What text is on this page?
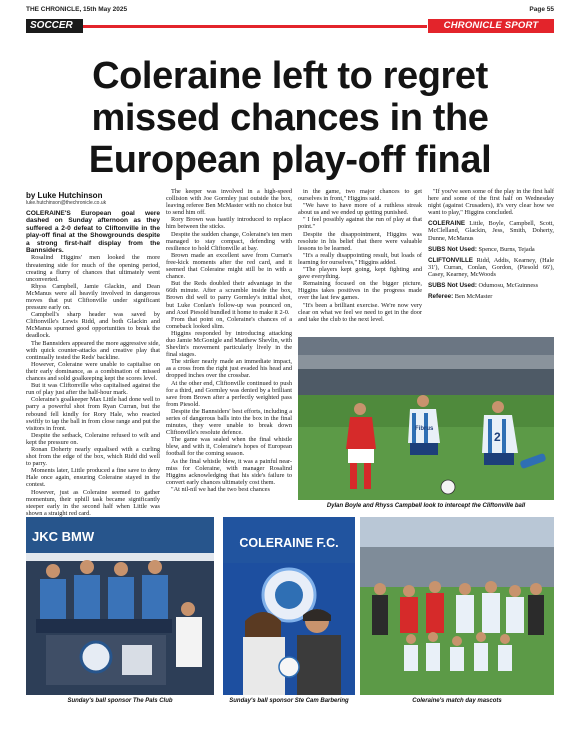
THE CHRONICLE, 15th May 2025	Page 55
SOCCER	CHRONICLE SPORT
Coleraine left to regret missed chances in the European play-off final
by Luke Hutchinson
luke.hutchinson@thechronicle.co.uk

COLERAINE'S European goal were dashed on Sunday afternoon as they suffered a 2-0 defeat to Cliftonville in the play-off final at the Showgrounds despite a strong first-half display from the Bannsiders.

Rosalind Higgins' men looked the more threatening side for much of the opening period, creating a flurry of chances that ultimately went unconverted.

Rhyss Campbell, Jamie Glackin, and Dean McManus were all heavily involved in dangerous moves that put Cliftonville under significant pressure early on.

Campbell's sharp header was saved by Cliftonville's Lewis Ridd, and both Glackin and McManus spurned good opportunities to break the deadlock.

The Bannsiders appeared the more aggressive side, with quick counter-attacks and creative play that continually tested the Reds' backline.

However, Coleraine were unable to capitalise on their early dominance, as a combination of missed chances and solid goalkeeping kept the scores level.

But it was Cliftonville who capitalised against the run of play just after the half-hour mark.

Coleraine's goalkeeper Max Little had done well to parry a powerful shot from Ryan Curran, but the rebound fell kindly for Rory Hale, who reacted swiftly to tap the ball in from close range and put the visitors in front.

Despite the setback, Coleraine refused to wilt and kept the pressure on.

Ronan Doherty nearly equalised with a curling shot from the edge of the box, which Ridd did well to parry.

Moments later, Little produced a fine save to deny Hale once again, ensuring Coleraine stayed in the contest.

However, just as Coleraine seemed to gather momentum, their uphill task became significantly steeper early in the second half when Little was shown a straight red card.

The keeper was involved in a high-speed collision with Joe Gormley just outside the box, leaving referee Ben McMaster with no choice but to send him off.

Rory Brown was hastily introduced to replace him between the sticks.

Despite the sudden change, Coleraine's ten men managed to stay compact, defending with resilience to hold Cliftonville at bay.

Brown made an excellent save from Curran's free-kick moments after the red card, and it seemed that Coleraine might still be in with a chance.

But the Reds doubled their advantage in the 66th minute. After a scramble inside the box, Brown did well to parry Gormley's initial shot, but Luke Conlan's follow-up was pounced on, and Axel Piesold bundled it home to make it 2-0.

From that point on, Coleraine's chances of a comeback looked slim.

Higgins responded by introducing attacking duo Jamie McGonigle and Matthew Shevlin, with Shevlin's movement particularly lively in the final stages.

The striker nearly made an immediate impact, as a cross from the right just evaded his head and dropped inches over the crossbar.

At the other end, Cliftonville continued to push for a third, and Gormley was denied by a brilliant save from Brown after a perfectly weighted pass from Piesold.

Despite the Bannsiders' best efforts, including a series of dangerous balls into the box in the final minutes, they were unable to break down Cliftonville's resolute defence.

The game was sealed when the final whistle blew, and with it, Coleraine's hopes of European football for the coming season.

As the final whistle blew, it was a painful near-miss for Coleraine, with manager Rosalind Higgins acknowledging that his side's failure to convert early chances ultimately cost them.

"At nil-nil we had the two best chances

in the game, two major chances to get ourselves in front," Higgins said.

"We have to have more of a ruthless streak about us and we ended up getting punished.

" I feel possibly against the run of play at that point."

Despite the disappointment, Higgins was resolute in his belief that there were valuable lessons to be learned.

"It's a really disappointing result, but loads of learning for ourselves," Higgins added.

"The players kept going, kept fighting and gave everything.

Remaining focused on the bigger picture, Higgins takes positives in the progress made over the last few games.

"It's been a brilliant exercise. We're now very clear on what we feel we need to get in the door and take the club to the next level.

"If you've seen some of the play in the first half here and some of the first half on Wednesday night (against Crusaders), it's very clear how we want to play," Higgins concluded.

COLERAINE Little, Boyle, Campbell, Scott, McClelland, Glackin, Jess, Smith, Doherty, Dunne, McManus

SUBS Not Used: Spence, Burns, Tejada

CLIFTONVILLE Ridd, Addis, Kearney, (Hale 31'), Curran, Conlan, Gordon, (Piesold 66'), Casey, Kearney, McWoods

SUBS Not Used: Odumosu, McGuinness

Referee: Ben McMaster

Fibrus
2
Dylan Boyle and Rhyss Campbell look to intercept the Cliftonville ball
JKC BMW
Sunday's ball sponsor The Pals Club
COLERAINE F.C.
Sunday's ball sponsor Ste Cam Barbering	Coleraine's match day mascots
